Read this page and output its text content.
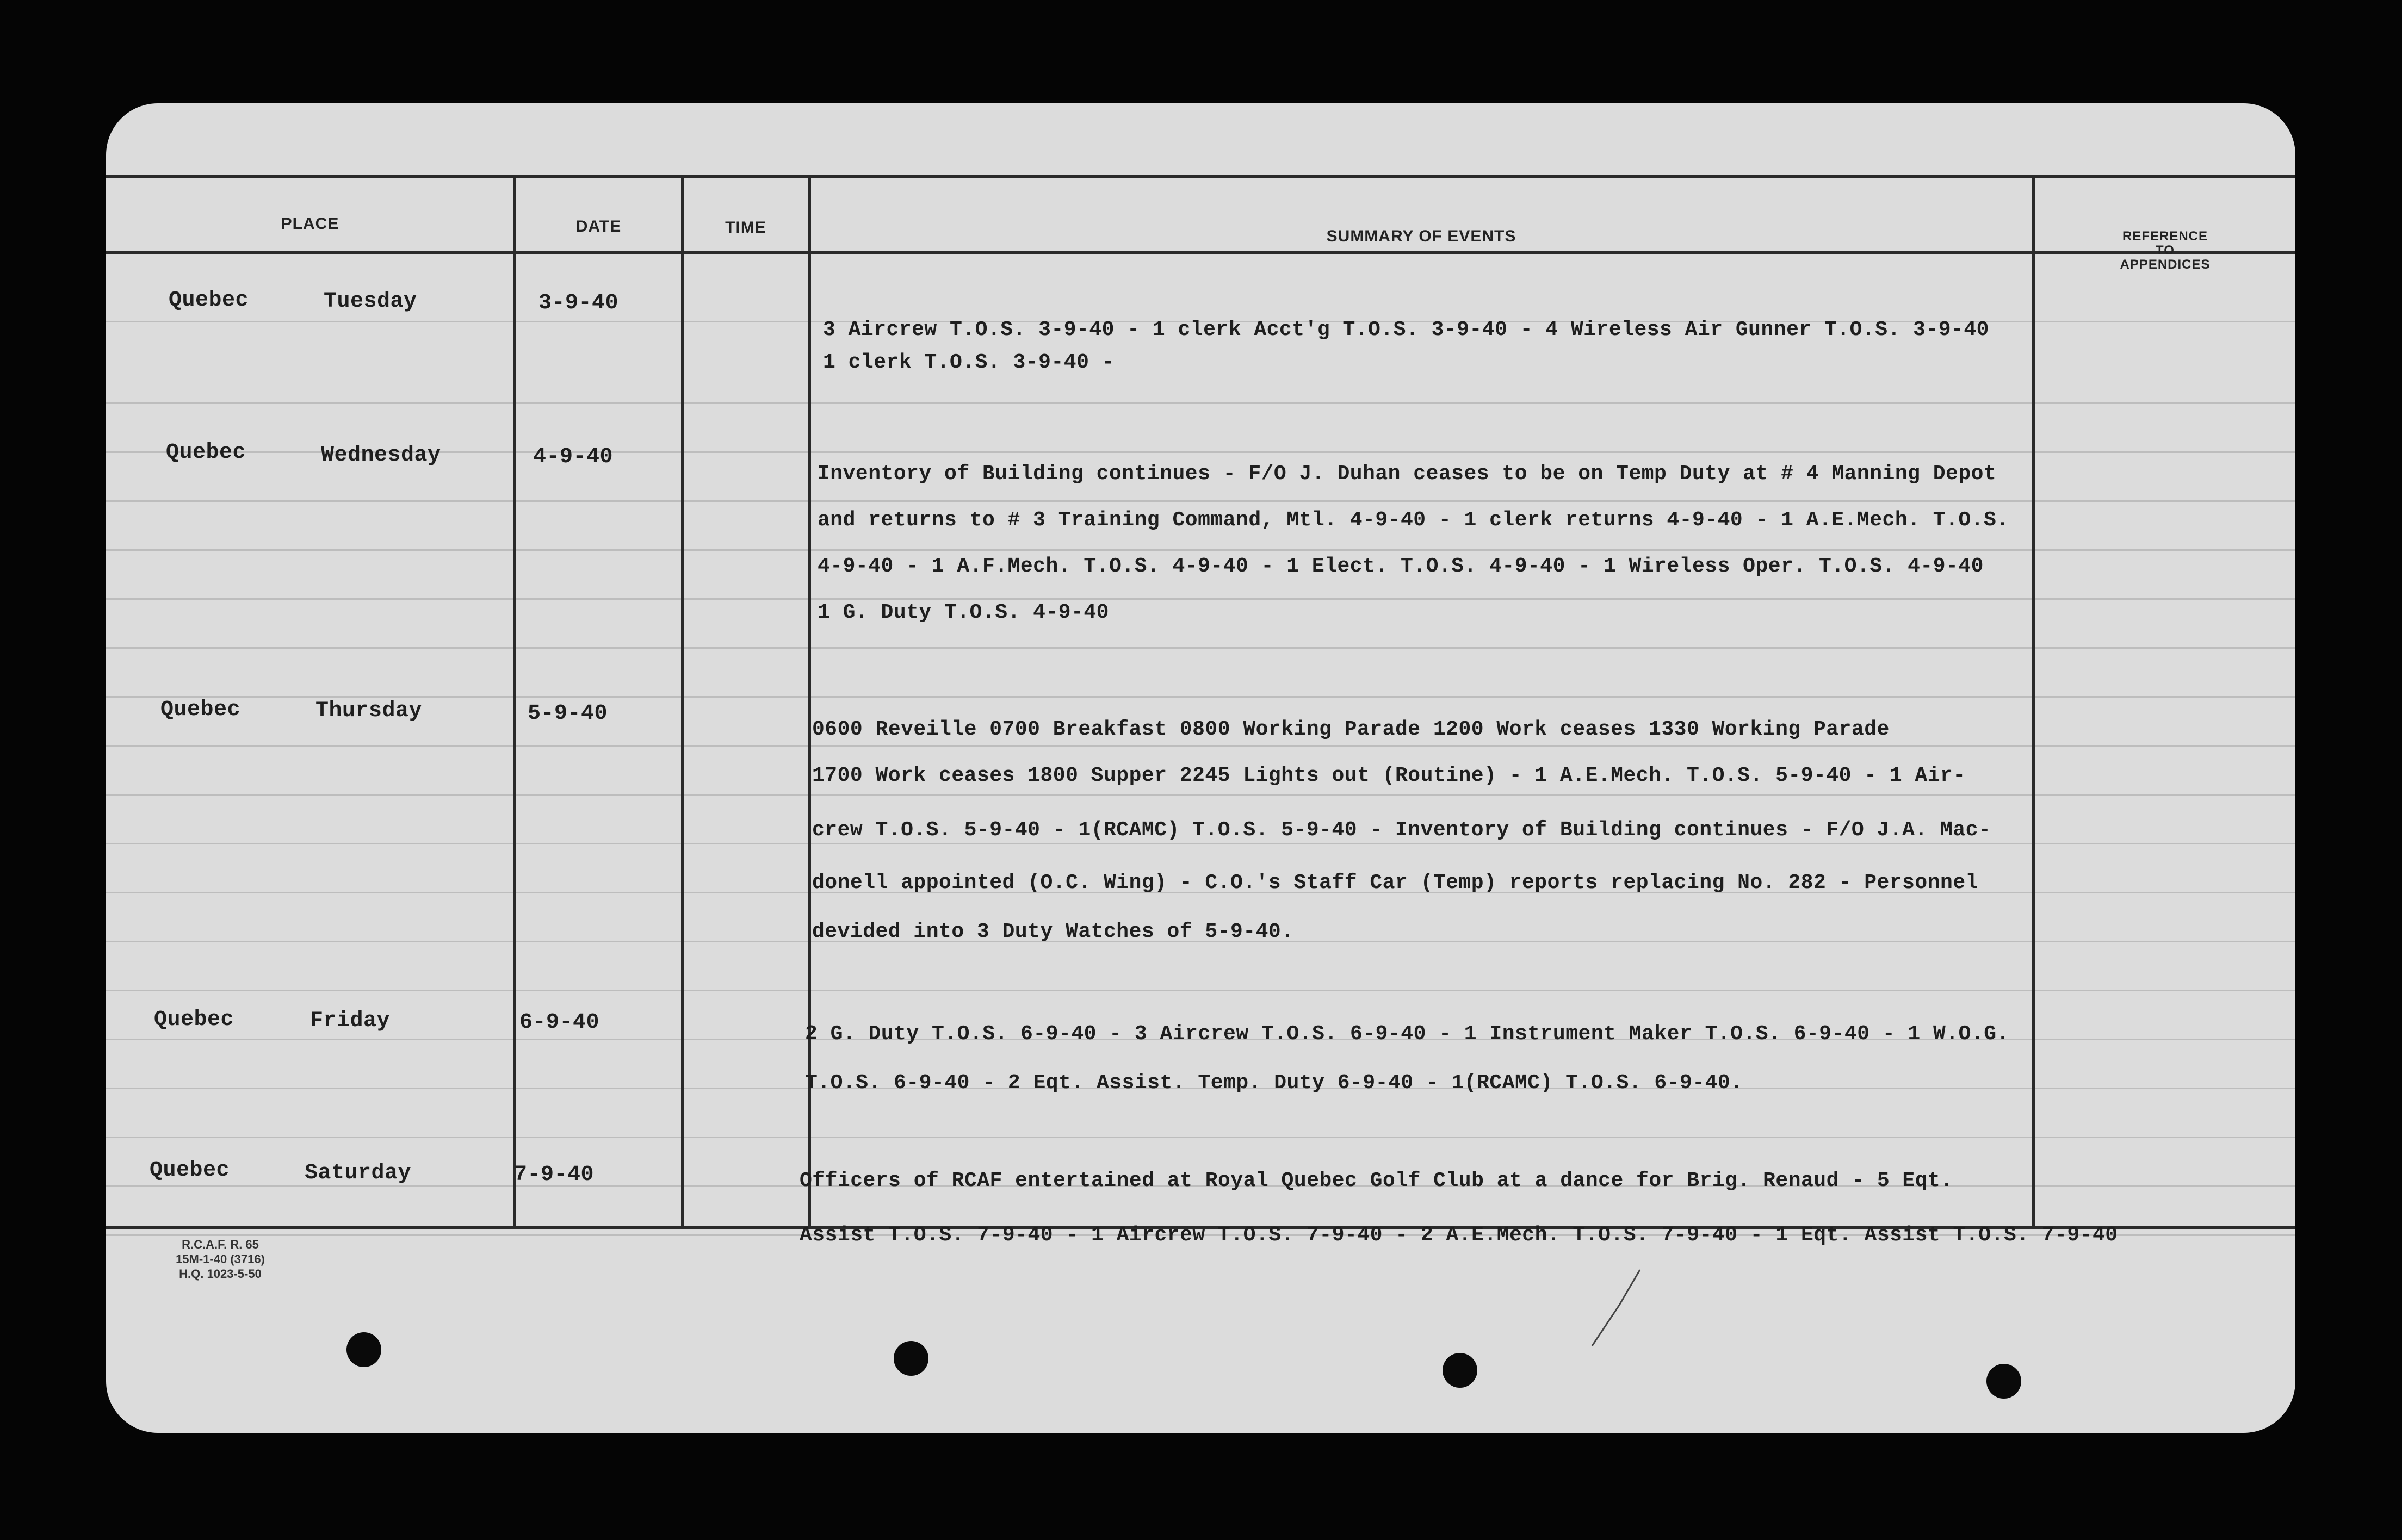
PLACE	DATE	TIME	SUMMARY OF EVENTS	REFERENCE
TO
APPENDICES
Quebec	Tuesday	3-9-40
3 Aircrew T.O.S. 3-9-40 - 1 clerk Acct'g T.O.S. 3-9-40 - 4 Wireless Air Gunner T.O.S. 3-9-40
1 clerk T.O.S. 3-9-40 -
Quebec	Wednesday	4-9-40
Inventory of Building continues - F/O J. Duhan ceases to be on Temp Duty at # 4 Manning Depot
and returns to # 3 Training Command, Mtl. 4-9-40 - 1 clerk returns 4-9-40 - 1 A.E.Mech. T.O.S.
4-9-40 - 1 A.F.Mech. T.O.S. 4-9-40 - 1 Elect. T.O.S. 4-9-40 - 1 Wireless Oper. T.O.S. 4-9-40
1 G. Duty T.O.S. 4-9-40
Quebec	Thursday	5-9-40
0600 Reveille 0700 Breakfast 0800 Working Parade 1200 Work ceases 1330 Working Parade
1700 Work ceases 1800 Supper 2245 Lights out (Routine) - 1 A.E.Mech. T.O.S. 5-9-40 - 1 Air-
crew T.O.S. 5-9-40 - 1(RCAMC) T.O.S. 5-9-40 - Inventory of Building continues - F/O J.A. Mac-
donell appointed (O.C. Wing) - C.O.'s Staff Car (Temp) reports replacing No. 282 - Personnel
devided into 3 Duty Watches of 5-9-40.
Quebec	Friday	6-9-40	2 G. Duty T.O.S. 6-9-40 - 3 Aircrew T.O.S. 6-9-40 - 1 Instrument Maker T.O.S. 6-9-40 - 1 W.O.G.
T.O.S. 6-9-40 - 2 Eqt. Assist. Temp. Duty 6-9-40 - 1(RCAMC) T.O.S. 6-9-40.
Quebec	Saturday	7-9-40	Officers of RCAF entertained at Royal Quebec Golf Club at a dance for Brig. Renaud - 5 Eqt.
Assist T.O.S. 7-9-40 - 1 Aircrew T.O.S. 7-9-40 - 2 A.E.Mech. T.O.S. 7-9-40 - 1 Eqt. Assist T.O.S. 7-9-40
R.C.A.F. R. 65
15M-1-40 (3716)
H.Q. 1023-5-50
